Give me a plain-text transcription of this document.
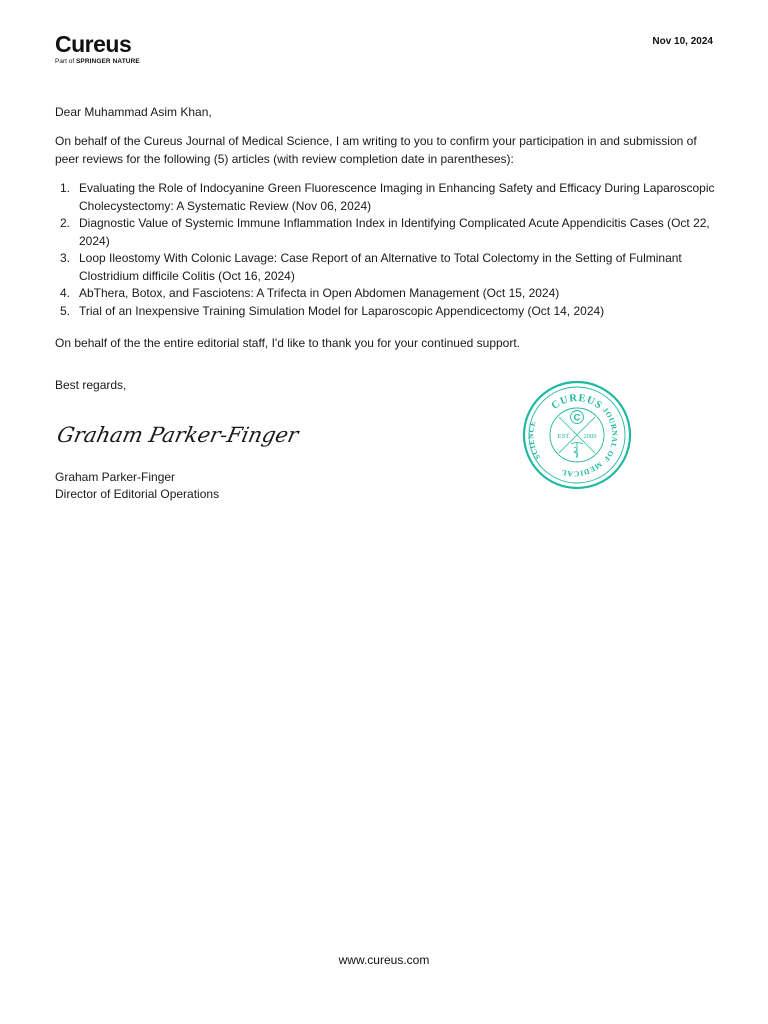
Cureus
Part of SPRINGER NATURE
Nov 10, 2024
Dear Muhammad Asim Khan,
On behalf of the Cureus Journal of Medical Science, I am writing to you to confirm your participation in and submission of peer reviews for the following (5) articles (with review completion date in parentheses):
1. Evaluating the Role of Indocyanine Green Fluorescence Imaging in Enhancing Safety and Efficacy During Laparoscopic Cholecystectomy: A Systematic Review (Nov 06, 2024)
2. Diagnostic Value of Systemic Immune Inflammation Index in Identifying Complicated Acute Appendicitis Cases (Oct 22, 2024)
3. Loop Ileostomy With Colonic Lavage: Case Report of an Alternative to Total Colectomy in the Setting of Fulminant Clostridium difficile Colitis (Oct 16, 2024)
4. AbThera, Botox, and Fasciotens: A Trifecta in Open Abdomen Management (Oct 15, 2024)
5. Trial of an Inexpensive Training Simulation Model for Laparoscopic Appendicectomy (Oct 14, 2024)
On behalf of the the entire editorial staff, I'd like to thank you for your continued support.
Best regards,
Graham Parker-Finger
Graham Parker-Finger
Director of Editorial Operations
CUREUS
JOURNAL OF
MEDICAL
SCIENCE
C
EST. 2009
www.cureus.com
